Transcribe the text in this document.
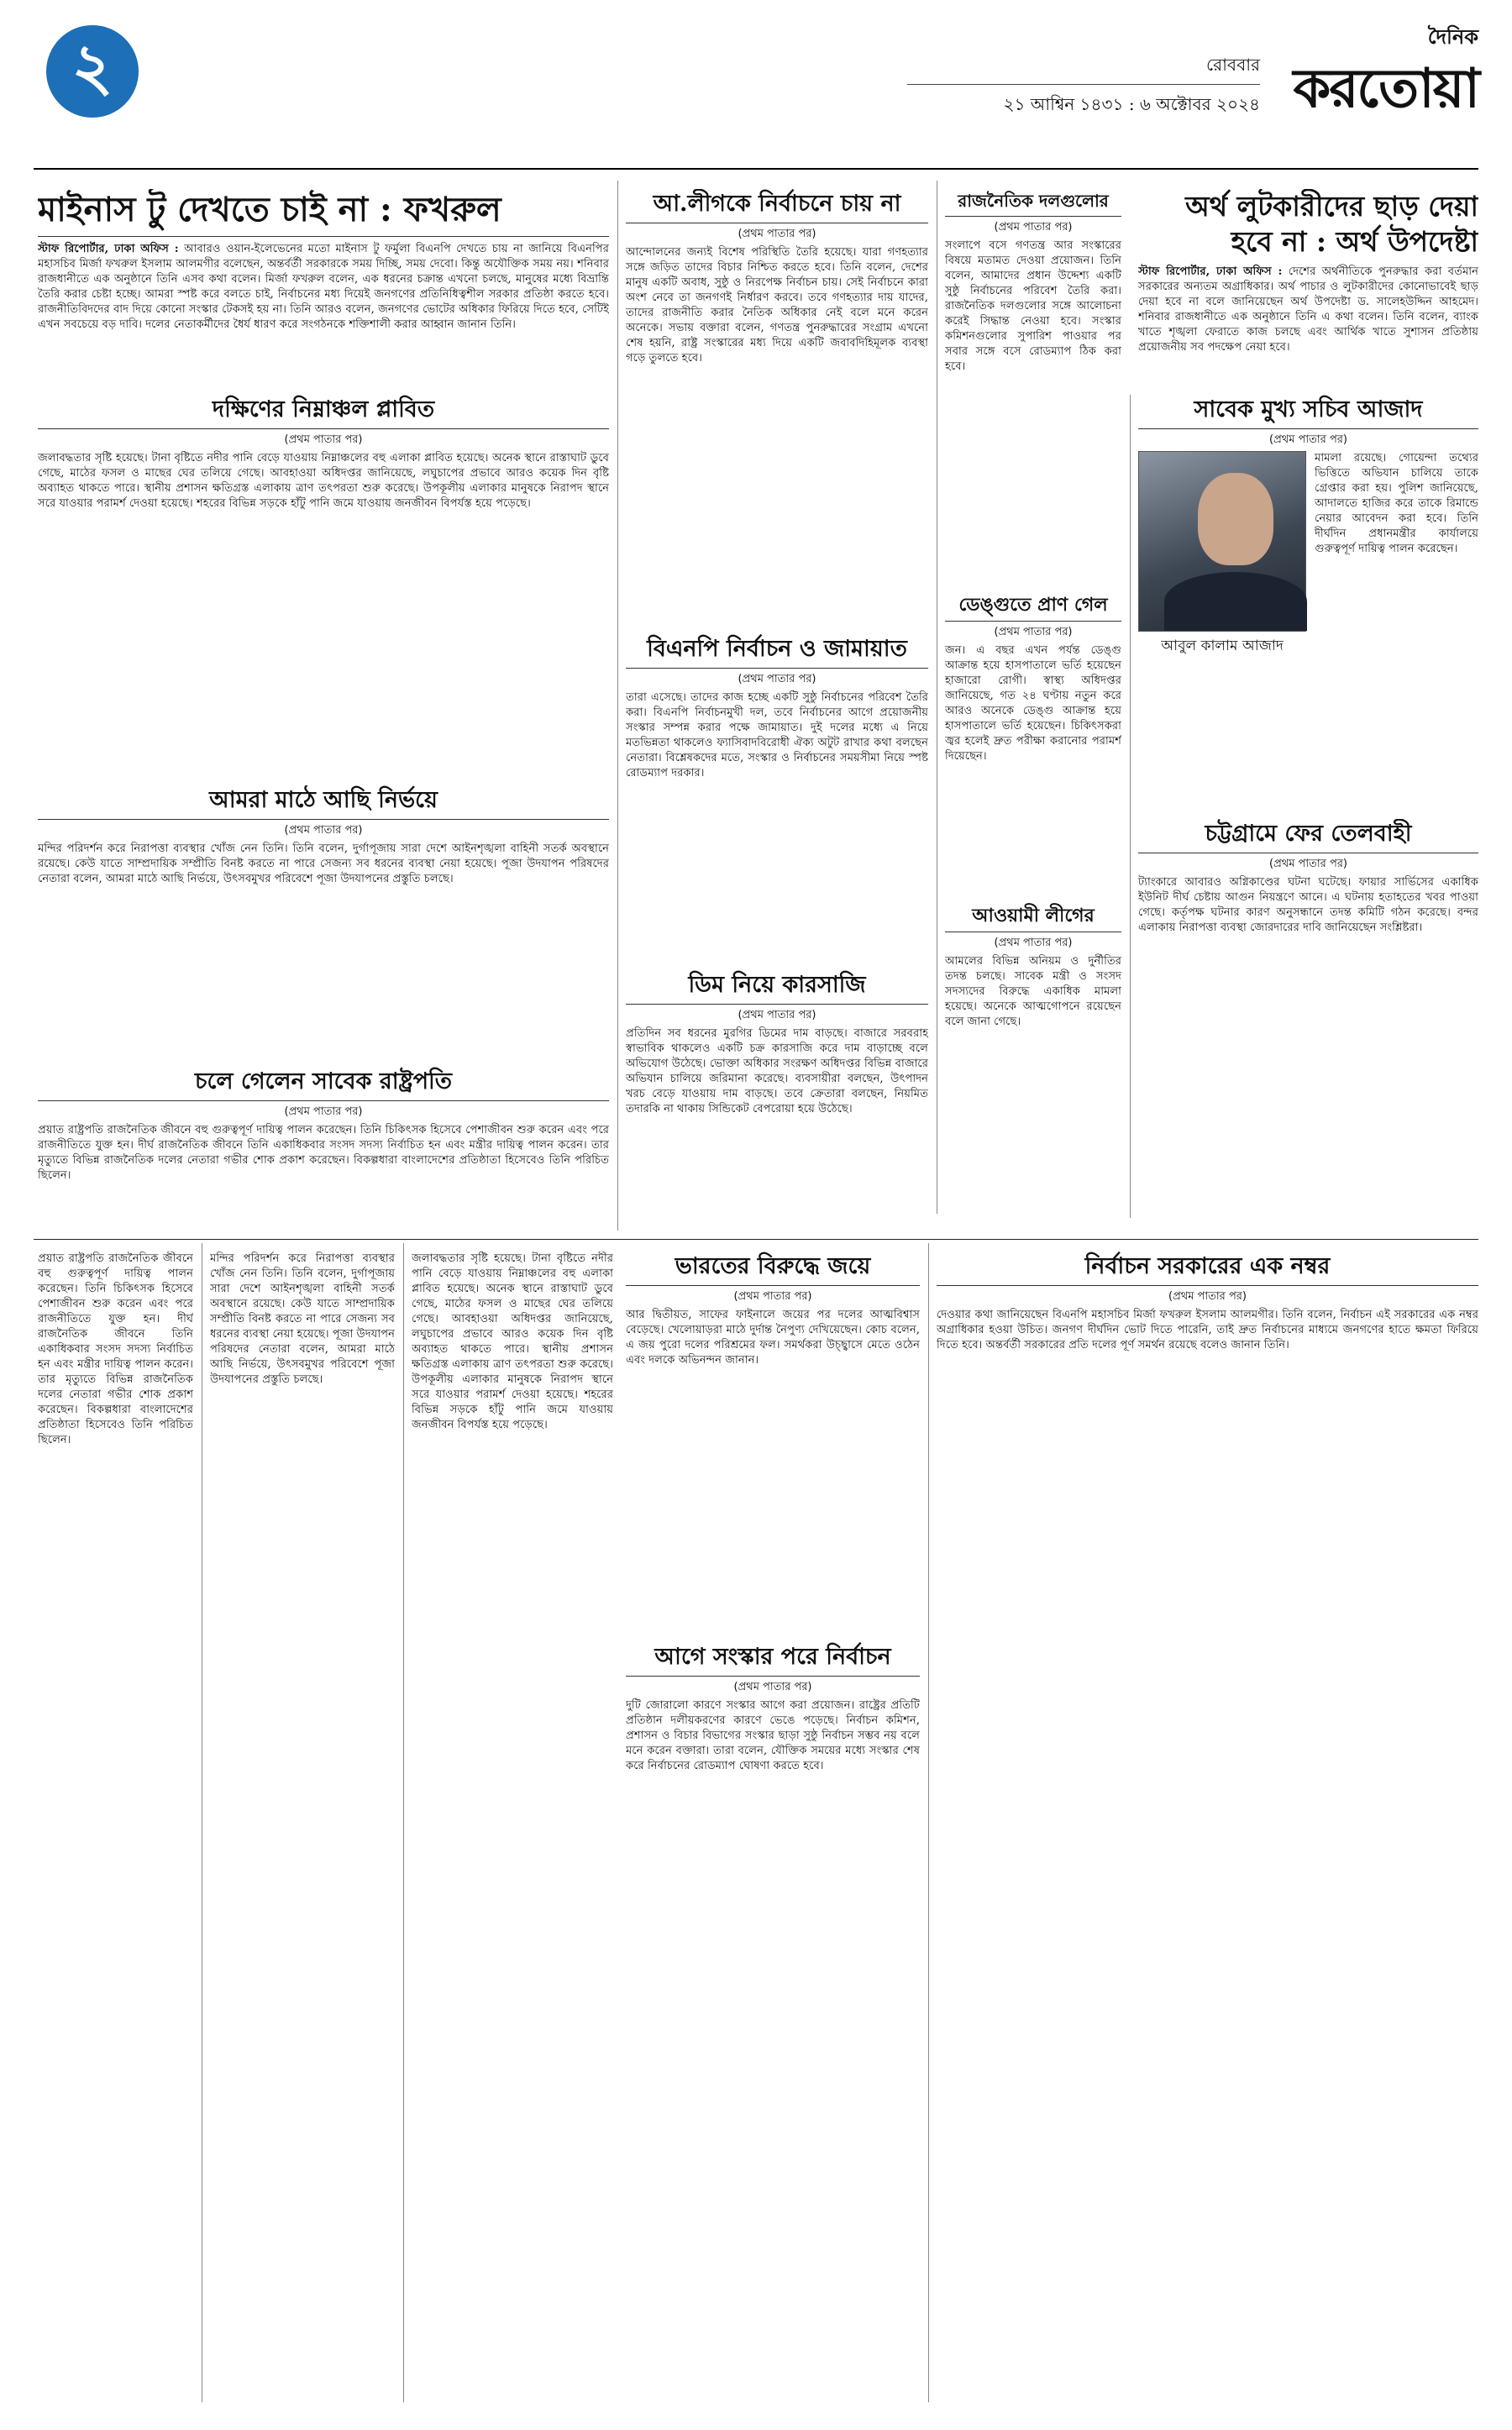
২	রোববার
২১ আশ্বিন ১৪৩১ : ৬ অক্টোবর ২০২৪
দৈনিক
করতোয়া
মাইনাস টু দেখতে চাই না : ফখরুল
স্টাফ রিপোর্টার, ঢাকা অফিস : আবারও ওয়ান-ইলেভেনের মতো মাইনাস টু ফর্মুলা বিএনপি দেখতে চায় না জানিয়ে বিএনপির মহাসচিব মির্জা ফখরুল ইসলাম আলমগীর বলেছেন, অন্তর্বর্তী সরকারকে সময় দিচ্ছি, সময় দেবো। কিন্তু অযৌক্তিক সময় নয়। শনিবার রাজধানীতে এক অনুষ্ঠানে তিনি এসব কথা বলেন। মির্জা ফখরুল বলেন, এক ধরনের চক্রান্ত এখনো চলছে, মানুষের মধ্যে বিভ্রান্তি তৈরি করার চেষ্টা হচ্ছে। আমরা স্পষ্ট করে বলতে চাই, নির্বাচনের মধ্য দিয়েই জনগণের প্রতিনিধিত্বশীল সরকার প্রতিষ্ঠা করতে হবে। রাজনীতিবিদদের বাদ দিয়ে কোনো সংস্কার টেকসই হয় না। তিনি আরও বলেন, জনগণের ভোটের অধিকার ফিরিয়ে দিতে হবে, সেটিই এখন সবচেয়ে বড় দাবি। দলের নেতাকর্মীদের ধৈর্য ধারণ করে সংগঠনকে শক্তিশালী করার আহ্বান জানান তিনি।
দক্ষিণের নিম্নাঞ্চল প্লাবিত
(প্রথম পাতার পর)
জলাবদ্ধতার সৃষ্টি হয়েছে। টানা বৃষ্টিতে নদীর পানি বেড়ে যাওয়ায় নিম্নাঞ্চলের বহু এলাকা প্লাবিত হয়েছে। অনেক স্থানে রাস্তাঘাট ডুবে গেছে, মাঠের ফসল ও মাছের ঘের তলিয়ে গেছে। আবহাওয়া অধিদপ্তর জানিয়েছে, লঘুচাপের প্রভাবে আরও কয়েক দিন বৃষ্টি অব্যাহত থাকতে পারে। স্থানীয় প্রশাসন ক্ষতিগ্রস্ত এলাকায় ত্রাণ তৎপরতা শুরু করেছে। উপকূলীয় এলাকার মানুষকে নিরাপদ স্থানে সরে যাওয়ার পরামর্শ দেওয়া হয়েছে। শহরের বিভিন্ন সড়কে হাঁটু পানি জমে যাওয়ায় জনজীবন বিপর্যস্ত হয়ে পড়েছে।
আমরা মাঠে আছি নির্ভয়ে
(প্রথম পাতার পর)
মন্দির পরিদর্শন করে নিরাপত্তা ব্যবস্থার খোঁজ নেন তিনি। তিনি বলেন, দুর্গাপূজায় সারা দেশে আইনশৃঙ্খলা বাহিনী সতর্ক অবস্থানে রয়েছে। কেউ যাতে সাম্প্রদায়িক সম্প্রীতি বিনষ্ট করতে না পারে সেজন্য সব ধরনের ব্যবস্থা নেয়া হয়েছে। পূজা উদযাপন পরিষদের নেতারা বলেন, আমরা মাঠে আছি নির্ভয়ে, উৎসবমুখর পরিবেশে পূজা উদযাপনের প্রস্তুতি চলছে।
চলে গেলেন সাবেক রাষ্ট্রপতি
(প্রথম পাতার পর)
প্রয়াত রাষ্ট্রপতি রাজনৈতিক জীবনে বহু গুরুত্বপূর্ণ দায়িত্ব পালন করেছেন। তিনি চিকিৎসক হিসেবে পেশাজীবন শুরু করেন এবং পরে রাজনীতিতে যুক্ত হন। দীর্ঘ রাজনৈতিক জীবনে তিনি একাধিকবার সংসদ সদস্য নির্বাচিত হন এবং মন্ত্রীর দায়িত্ব পালন করেন। তার মৃত্যুতে বিভিন্ন রাজনৈতিক দলের নেতারা গভীর শোক প্রকাশ করেছেন। বিকল্পধারা বাংলাদেশের প্রতিষ্ঠাতা হিসেবেও তিনি পরিচিত ছিলেন।
আ.লীগকে নির্বাচনে চায় না
(প্রথম পাতার পর)
আন্দোলনের জন্যই বিশেষ পরিস্থিতি তৈরি হয়েছে। যারা গণহত্যার সঙ্গে জড়িত তাদের বিচার নিশ্চিত করতে হবে। তিনি বলেন, দেশের মানুষ একটি অবাধ, সুষ্ঠু ও নিরপেক্ষ নির্বাচন চায়। সেই নির্বাচনে কারা অংশ নেবে তা জনগণই নির্ধারণ করবে। তবে গণহত্যার দায় যাদের, তাদের রাজনীতি করার নৈতিক অধিকার নেই বলে মনে করেন অনেকে। সভায় বক্তারা বলেন, গণতন্ত্র পুনরুদ্ধারের সংগ্রাম এখনো শেষ হয়নি, রাষ্ট্র সংস্কারের মধ্য দিয়ে একটি জবাবদিহিমূলক ব্যবস্থা গড়ে তুলতে হবে।
বিএনপি নির্বাচন ও জামায়াত
(প্রথম পাতার পর)
তারা এসেছে। তাদের কাজ হচ্ছে একটি সুষ্ঠু নির্বাচনের পরিবেশ তৈরি করা। বিএনপি নির্বাচনমুখী দল, তবে নির্বাচনের আগে প্রয়োজনীয় সংস্কার সম্পন্ন করার পক্ষে জামায়াত। দুই দলের মধ্যে এ নিয়ে মতভিন্নতা থাকলেও ফ্যাসিবাদবিরোধী ঐক্য অটুট রাখার কথা বলছেন নেতারা। বিশ্লেষকদের মতে, সংস্কার ও নির্বাচনের সময়সীমা নিয়ে স্পষ্ট রোডম্যাপ দরকার।
ডিম নিয়ে কারসাজি
(প্রথম পাতার পর)
প্রতিদিন সব ধরনের মুরগির ডিমের দাম বাড়ছে। বাজারে সরবরাহ স্বাভাবিক থাকলেও একটি চক্র কারসাজি করে দাম বাড়াচ্ছে বলে অভিযোগ উঠেছে। ভোক্তা অধিকার সংরক্ষণ অধিদপ্তর বিভিন্ন বাজারে অভিযান চালিয়ে জরিমানা করেছে। ব্যবসায়ীরা বলছেন, উৎপাদন খরচ বেড়ে যাওয়ায় দাম বাড়ছে। তবে ক্রেতারা বলছেন, নিয়মিত তদারকি না থাকায় সিন্ডিকেট বেপরোয়া হয়ে উঠেছে।
রাজনৈতিক দলগুলোর
(প্রথম পাতার পর)
সংলাপে বসে গণতন্ত্র আর সংস্কারের বিষয়ে মতামত দেওয়া প্রয়োজন। তিনি বলেন, আমাদের প্রধান উদ্দেশ্য একটি সুষ্ঠু নির্বাচনের পরিবেশ তৈরি করা। রাজনৈতিক দলগুলোর সঙ্গে আলোচনা করেই সিদ্ধান্ত নেওয়া হবে। সংস্কার কমিশনগুলোর সুপারিশ পাওয়ার পর সবার সঙ্গে বসে রোডম্যাপ ঠিক করা হবে।
ডেঙ্গুতে প্রাণ গেল
(প্রথম পাতার পর)
জন। এ বছর এখন পর্যন্ত ডেঙ্গু আক্রান্ত হয়ে হাসপাতালে ভর্তি হয়েছেন হাজারো রোগী। স্বাস্থ্য অধিদপ্তর জানিয়েছে, গত ২৪ ঘণ্টায় নতুন করে আরও অনেকে ডেঙ্গু আক্রান্ত হয়ে হাসপাতালে ভর্তি হয়েছেন। চিকিৎসকরা জ্বর হলেই দ্রুত পরীক্ষা করানোর পরামর্শ দিয়েছেন।
আওয়ামী লীগের
(প্রথম পাতার পর)
আমলের বিভিন্ন অনিয়ম ও দুর্নীতির তদন্ত চলছে। সাবেক মন্ত্রী ও সংসদ সদস্যদের বিরুদ্ধে একাধিক মামলা হয়েছে। অনেকে আত্মগোপনে রয়েছেন বলে জানা গেছে।
অর্থ লুটকারীদের ছাড় দেয়া হবে না : অর্থ উপদেষ্টা
স্টাফ রিপোর্টার, ঢাকা অফিস : দেশের অর্থনীতিকে পুনরুদ্ধার করা বর্তমান সরকারের অন্যতম অগ্রাধিকার। অর্থ পাচার ও লুটকারীদের কোনোভাবেই ছাড় দেয়া হবে না বলে জানিয়েছেন অর্থ উপদেষ্টা ড. সালেহউদ্দিন আহমেদ। শনিবার রাজধানীতে এক অনুষ্ঠানে তিনি এ কথা বলেন। তিনি বলেন, ব্যাংক খাতে শৃঙ্খলা ফেরাতে কাজ চলছে এবং আর্থিক খাতে সুশাসন প্রতিষ্ঠায় প্রয়োজনীয় সব পদক্ষেপ নেয়া হবে।
সাবেক মুখ্য সচিব আজাদ
(প্রথম পাতার পর)
আবুল কালাম আজাদ
মামলা রয়েছে। গোয়েন্দা তথ্যের ভিত্তিতে অভিযান চালিয়ে তাকে গ্রেপ্তার করা হয়। পুলিশ জানিয়েছে, আদালতে হাজির করে তাকে রিমান্ডে নেয়ার আবেদন করা হবে। তিনি দীর্ঘদিন প্রধানমন্ত্রীর কার্যালয়ে গুরুত্বপূর্ণ দায়িত্ব পালন করেছেন।
চট্টগ্রামে ফের তেলবাহী
(প্রথম পাতার পর)
ট্যাংকারে আবারও অগ্নিকাণ্ডের ঘটনা ঘটেছে। ফায়ার সার্ভিসের একাধিক ইউনিট দীর্ঘ চেষ্টায় আগুন নিয়ন্ত্রণে আনে। এ ঘটনায় হতাহতের খবর পাওয়া গেছে। কর্তৃপক্ষ ঘটনার কারণ অনুসন্ধানে তদন্ত কমিটি গঠন করেছে। বন্দর এলাকায় নিরাপত্তা ব্যবস্থা জোরদারের দাবি জানিয়েছেন সংশ্লিষ্টরা।
প্রয়াত রাষ্ট্রপতি রাজনৈতিক জীবনে বহু গুরুত্বপূর্ণ দায়িত্ব পালন করেছেন। তিনি চিকিৎসক হিসেবে পেশাজীবন শুরু করেন এবং পরে রাজনীতিতে যুক্ত হন। দীর্ঘ রাজনৈতিক জীবনে তিনি একাধিকবার সংসদ সদস্য নির্বাচিত হন এবং মন্ত্রীর দায়িত্ব পালন করেন। তার মৃত্যুতে বিভিন্ন রাজনৈতিক দলের নেতারা গভীর শোক প্রকাশ করেছেন। বিকল্পধারা বাংলাদেশের প্রতিষ্ঠাতা হিসেবেও তিনি পরিচিত ছিলেন।
মন্দির পরিদর্শন করে নিরাপত্তা ব্যবস্থার খোঁজ নেন তিনি। তিনি বলেন, দুর্গাপূজায় সারা দেশে আইনশৃঙ্খলা বাহিনী সতর্ক অবস্থানে রয়েছে। কেউ যাতে সাম্প্রদায়িক সম্প্রীতি বিনষ্ট করতে না পারে সেজন্য সব ধরনের ব্যবস্থা নেয়া হয়েছে। পূজা উদযাপন পরিষদের নেতারা বলেন, আমরা মাঠে আছি নির্ভয়ে, উৎসবমুখর পরিবেশে পূজা উদযাপনের প্রস্তুতি চলছে।
ভারতের বিরুদ্ধে জয়ে
(প্রথম পাতার পর)
আর দ্বিতীয়ত, সাফের ফাইনালে জয়ের পর দলের আত্মবিশ্বাস বেড়েছে। খেলোয়াড়রা মাঠে দুর্দান্ত নৈপুণ্য দেখিয়েছেন। কোচ বলেন, এ জয় পুরো দলের পরিশ্রমের ফল। সমর্থকরা উচ্ছ্বাসে মেতে ওঠেন এবং দলকে অভিনন্দন জানান।
আগে সংস্কার পরে নির্বাচন
(প্রথম পাতার পর)
দুটি জোরালো কারণে সংস্কার আগে করা প্রয়োজন। রাষ্ট্রের প্রতিটি প্রতিষ্ঠান দলীয়করণের কারণে ভেঙে পড়েছে। নির্বাচন কমিশন, প্রশাসন ও বিচার বিভাগের সংস্কার ছাড়া সুষ্ঠু নির্বাচন সম্ভব নয় বলে মনে করেন বক্তারা। তারা বলেন, যৌক্তিক সময়ের মধ্যে সংস্কার শেষ করে নির্বাচনের রোডম্যাপ ঘোষণা করতে হবে।
নির্বাচন সরকারের এক নম্বর
(প্রথম পাতার পর)
দেওয়ার কথা জানিয়েছেন বিএনপি মহাসচিব মির্জা ফখরুল ইসলাম আলমগীর। তিনি বলেন, নির্বাচন এই সরকারের এক নম্বর অগ্রাধিকার হওয়া উচিত। জনগণ দীর্ঘদিন ভোট দিতে পারেনি, তাই দ্রুত নির্বাচনের মাধ্যমে জনগণের হাতে ক্ষমতা ফিরিয়ে দিতে হবে। অন্তর্বর্তী সরকারের প্রতি দলের পূর্ণ সমর্থন রয়েছে বলেও জানান তিনি।
জলাবদ্ধতার সৃষ্টি হয়েছে। টানা বৃষ্টিতে নদীর পানি বেড়ে যাওয়ায় নিম্নাঞ্চলের বহু এলাকা প্লাবিত হয়েছে। অনেক স্থানে রাস্তাঘাট ডুবে গেছে, মাঠের ফসল ও মাছের ঘের তলিয়ে গেছে। আবহাওয়া অধিদপ্তর জানিয়েছে, লঘুচাপের প্রভাবে আরও কয়েক দিন বৃষ্টি অব্যাহত থাকতে পারে। স্থানীয় প্রশাসন ক্ষতিগ্রস্ত এলাকায় ত্রাণ তৎপরতা শুরু করেছে। উপকূলীয় এলাকার মানুষকে নিরাপদ স্থানে সরে যাওয়ার পরামর্শ দেওয়া হয়েছে। শহরের বিভিন্ন সড়কে হাঁটু পানি জমে যাওয়ায় জনজীবন বিপর্যস্ত হয়ে পড়েছে।
